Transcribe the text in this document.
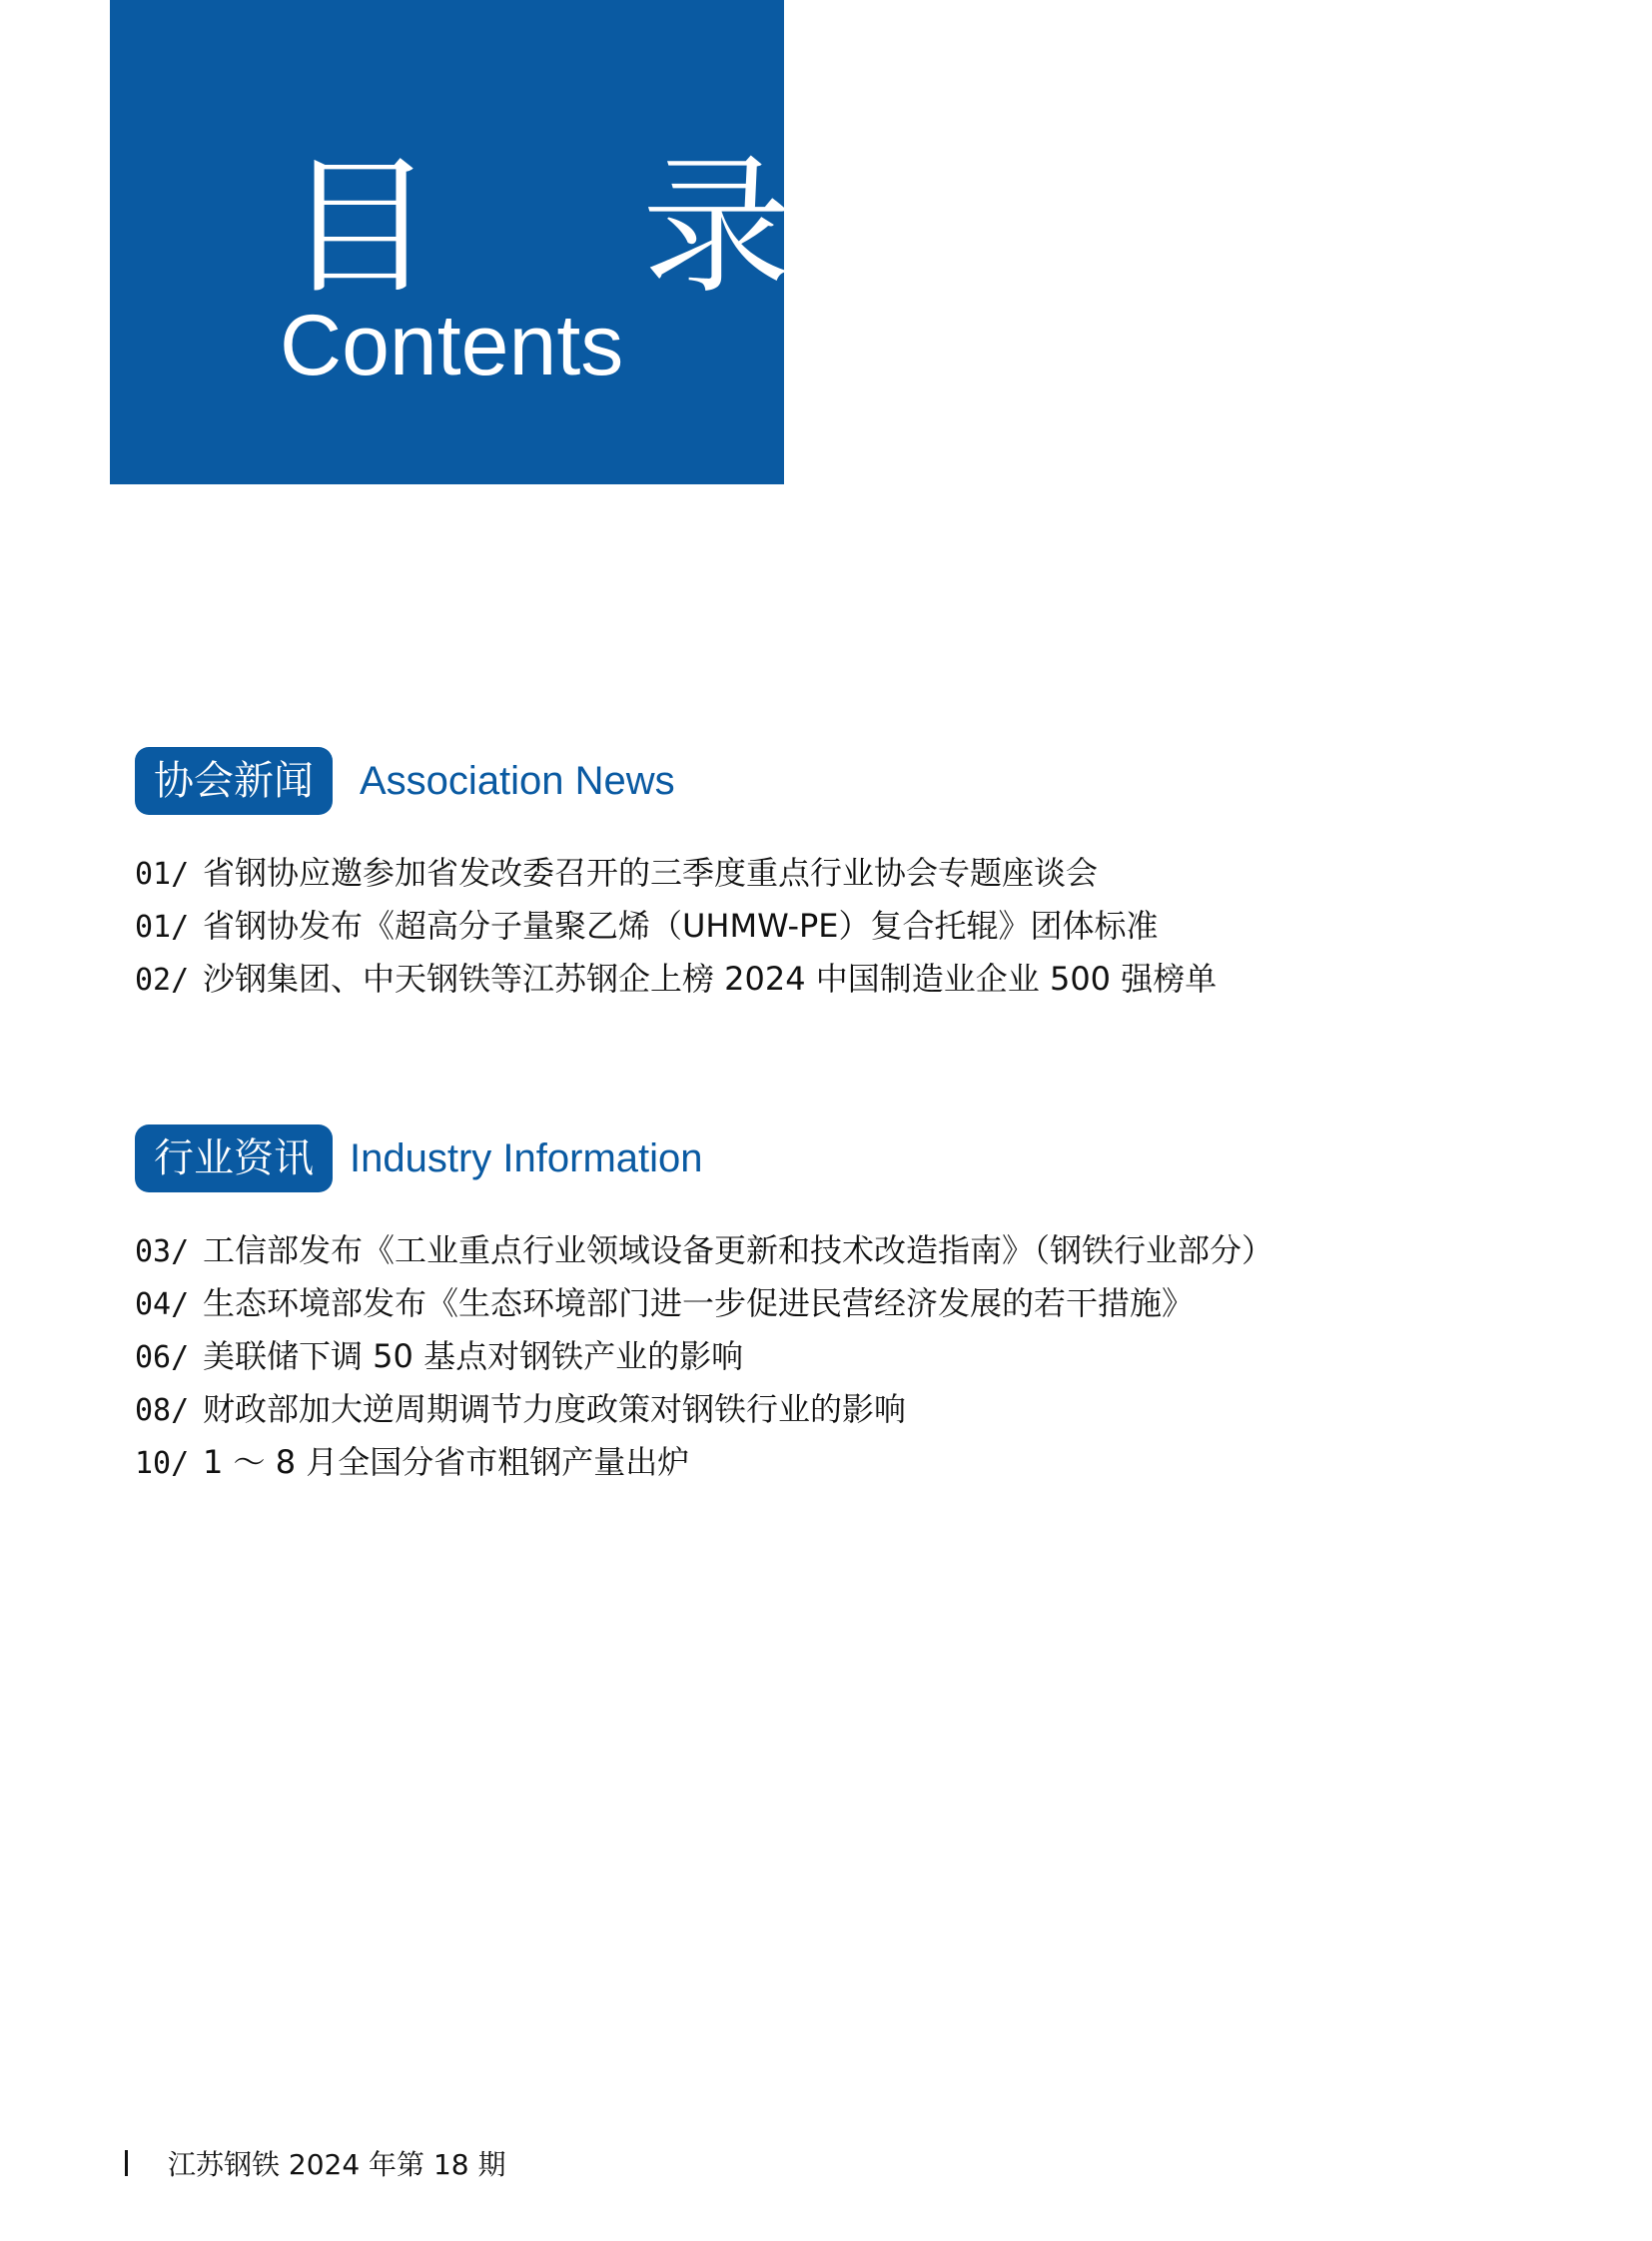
目 录
Contents
协会新闻	Association News
01/ 省钢协应邀参加省发改委召开的三季度重点行业协会专题座谈会
01/ 省钢协发布《超高分子量聚乙烯（UHMW-PE）复合托辊》团体标准
02/ 沙钢集团、中天钢铁等江苏钢企上榜 2024 中国制造业企业 500 强榜单
行业资讯 Industry Information
03/ 工信部发布《工业重点行业领域设备更新和技术改造指南》（钢铁行业部分）
04/ 生态环境部发布《生态环境部门进一步促进民营经济发展的若干措施》
06/ 美联储下调 50 基点对钢铁产业的影响
08/ 财政部加大逆周期调节力度政策对钢铁行业的影响
10/ 1 ～ 8 月全国分省市粗钢产量出炉
江苏钢铁 2024 年第 18 期
